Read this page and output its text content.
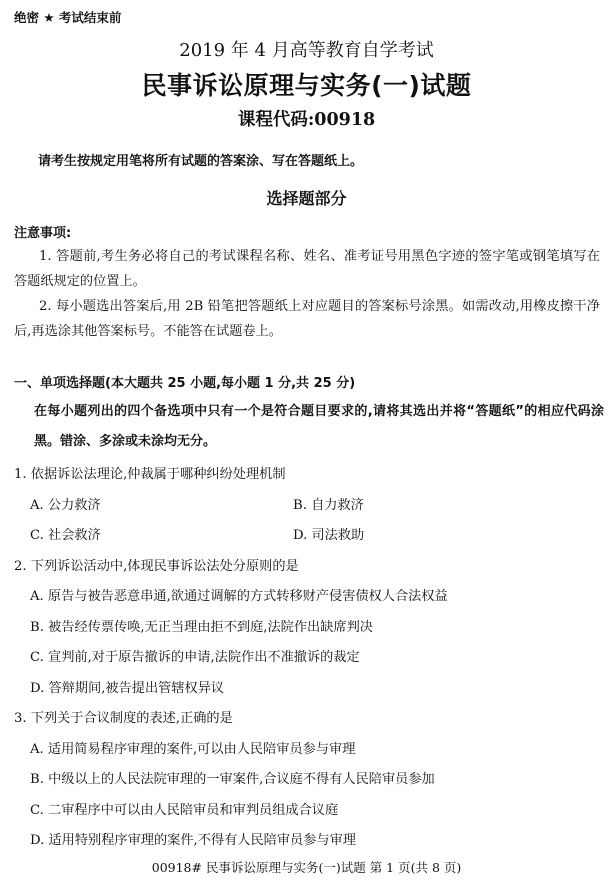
绝密 ★ 考试结束前
2019 年 4 月高等教育自学考试
民事诉讼原理与实务(一)试题
课程代码:00918
请考生按规定用笔将所有试题的答案涂、写在答题纸上。
选择题部分
注意事项:
1. 答题前,考生务必将自己的考试课程名称、姓名、准考证号用黑色字迹的签字笔或钢笔填写在答题纸规定的位置上。
2. 每小题选出答案后,用 2B 铅笔把答题纸上对应题目的答案标号涂黑。如需改动,用橡皮擦干净后,再选涂其他答案标号。不能答在试题卷上。
一、单项选择题(本大题共 25 小题,每小题 1 分,共 25 分)
在每小题列出的四个备选项中只有一个是符合题目要求的,请将其选出并将“答题纸”的相应代码涂黑。错涂、多涂或未涂均无分。
1. 依据诉讼法理论,仲裁属于哪种纠纷处理机制
A. 公力救济	B. 自力救济
C. 社会救济	D. 司法救助
2. 下列诉讼活动中,体现民事诉讼法处分原则的是
A. 原告与被告恶意串通,欲通过调解的方式转移财产侵害债权人合法权益
B. 被告经传票传唤,无正当理由拒不到庭,法院作出缺席判决
C. 宣判前,对于原告撤诉的申请,法院作出不准撤诉的裁定
D. 答辩期间,被告提出管辖权异议
3. 下列关于合议制度的表述,正确的是
A. 适用简易程序审理的案件,可以由人民陪审员参与审理
B. 中级以上的人民法院审理的一审案件,合议庭不得有人民陪审员参加
C. 二审程序中可以由人民陪审员和审判员组成合议庭
D. 适用特别程序审理的案件,不得有人民陪审员参与审理
00918# 民事诉讼原理与实务(一)试题 第 1 页(共 8 页)
